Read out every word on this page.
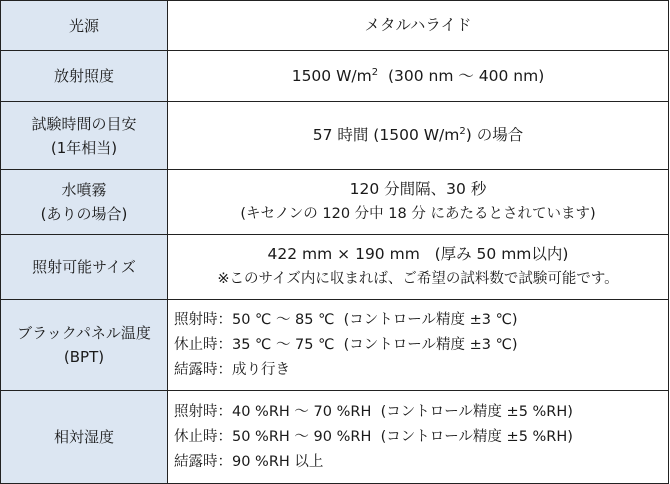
光源	メタルハライド

放射照度	1500 $W/m^2$  (300 nm ～ 400 nm)

試験時間の目安
(1年相当)	57 時間 (1500 $W/m^2$) の場合

水噴霧
(ありの場合)	120 分間隔、30 秒
(キセノンの 120 分中 18 分 にあたるとされています)

照射可能サイズ	422 mm × 190 mm   (厚み 50 mm以内)
※このサイズ内に収まれば、ご希望の試料数で試験可能です。

ブラックパネル温度
(BPT)	照射時：50 ℃ ～ 85 ℃  (コントロール精度 ±3 ℃)
休止時：35 ℃ ～ 75 ℃  (コントロール精度 ±3 ℃)
結露時：成り行き

相対湿度	照射時：40 %RH ～ 70 %RH  (コントロール精度 ±5 %RH)
休止時：50 %RH ～ 90 %RH  (コントロール精度 ±5 %RH)
結露時：90 %RH 以上
